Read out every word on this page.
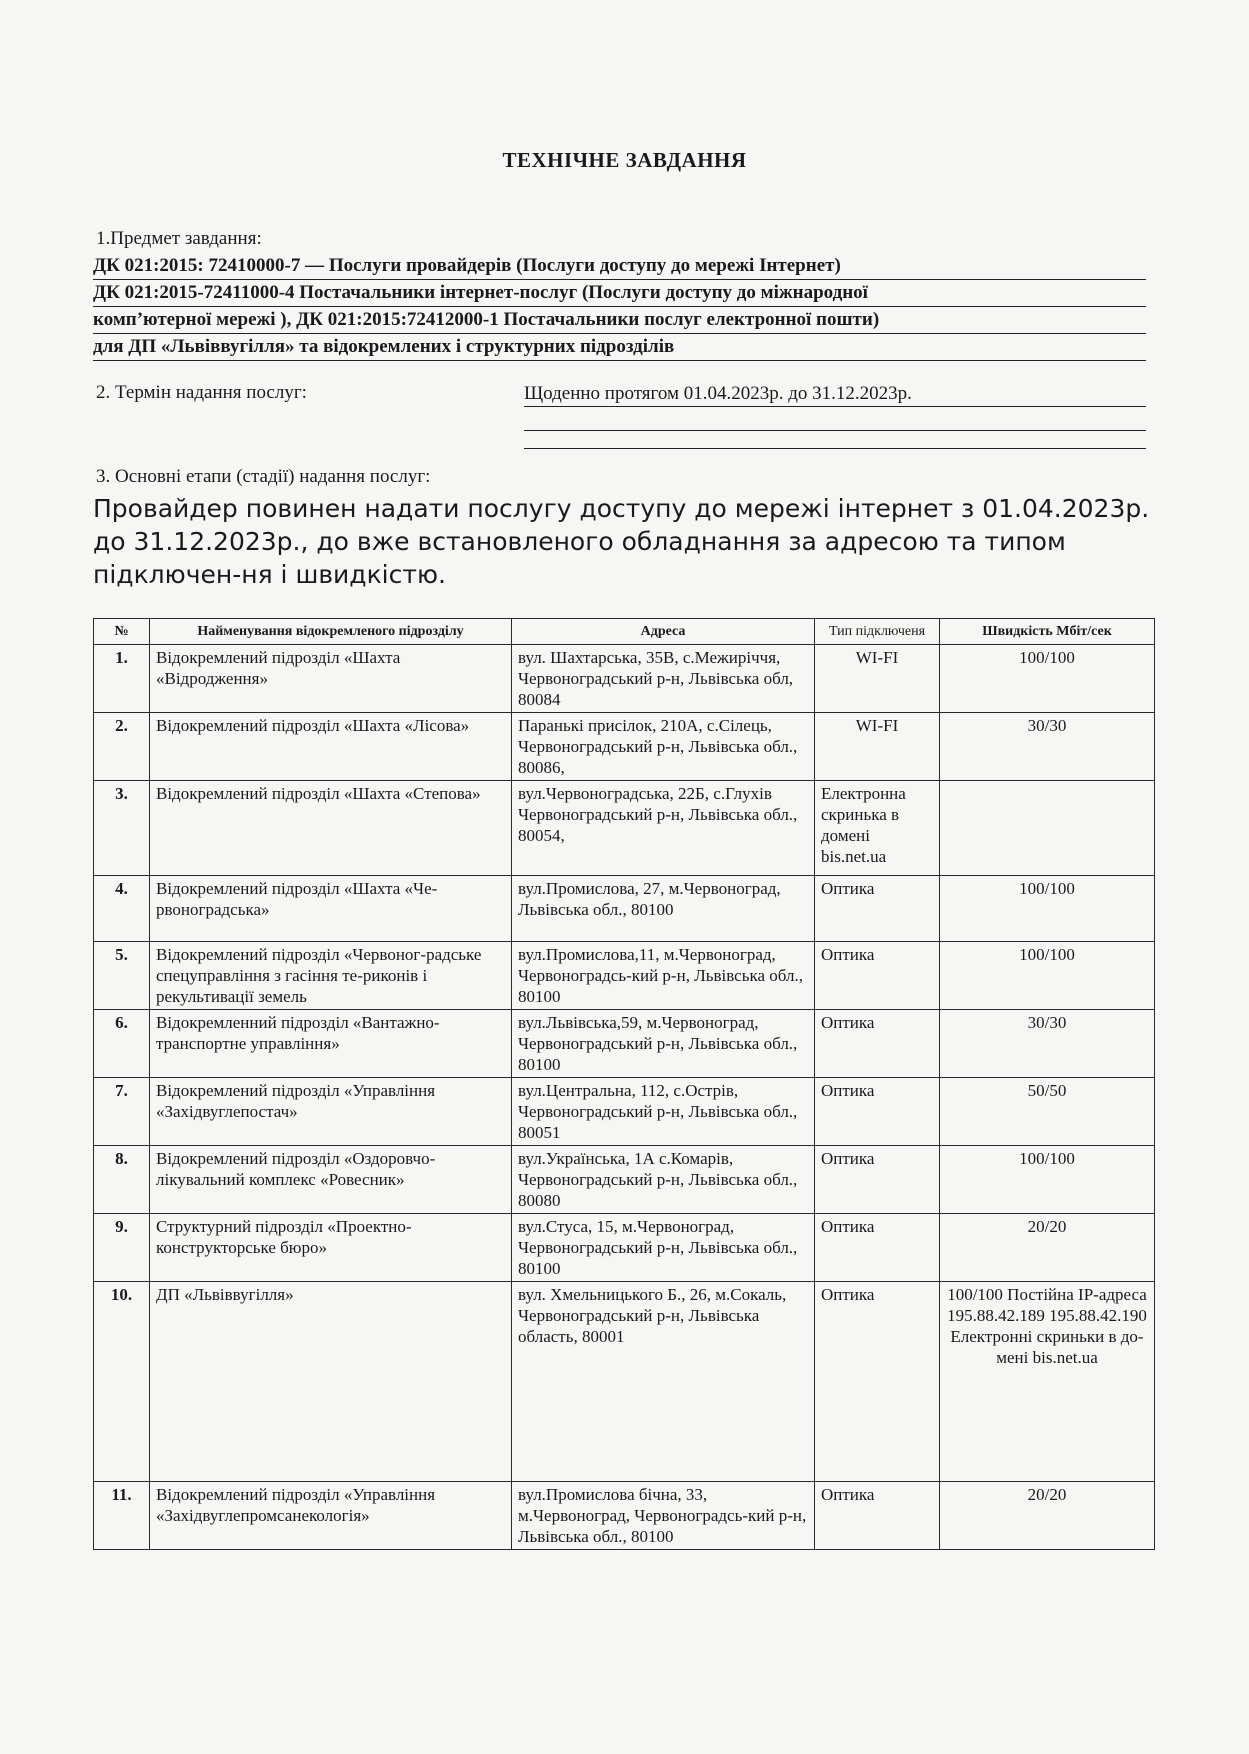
ТЕХНІЧНЕ ЗАВДАННЯ
1.Предмет завдання:
ДК 021:2015: 72410000-7 — Послуги провайдерів (Послуги доступу до мережі Інтернет)
ДК 021:2015-72411000-4 Постачальники інтернет-послуг (Послуги доступу до міжнародної
комп’ютерної мережі ), ДК 021:2015:72412000-1 Постачальники послуг електронної пошти)
для ДП «Львіввугілля» та відокремлених і структурних підрозділів
2. Термін надання послуг:	Щоденно протягом 01.04.2023р. до 31.12.2023р.
3. Основні етапи (стадії) надання послуг:
Провайдер повинен надати послугу доступу до мережі інтернет з 01.04.2023р. до 31.12.2023р., до вже встановленого обладнання за адресою та типом підключен-ня і швидкістю.
№	Найменування відокремленого підрозділу	Адреса	Тип підключеня	Швидкість Мбіт/сек
1.	Відокремлений підрозділ «Шахта «Відродження»	вул. Шахтарська, 35В, с.Межиріччя, Червоноградський р-н, Львівська обл, 80084	WI-FI	100/100
2.	Відокремлений підрозділ «Шахта «Лісова»	Паранькі присілок, 210А, с.Сілець, Червоноградський р-н, Львівська обл., 80086,	WI-FI	30/30
3.	Відокремлений підрозділ «Шахта «Степова»	вул.Червоноградська, 22Б, с.Глухів Червоноградський р-н, Львівська обл., 80054,	Електронна скринька в домені bis.net.ua	
4.	Відокремлений підрозділ «Шахта «Че-рвоноградська»	вул.Промислова, 27, м.Червоноград, Львівська обл., 80100	Оптика	100/100
5.	Відокремлений підрозділ «Червоног-радське спецуправління з гасіння те-риконів і рекультивації земель	вул.Промислова,11, м.Червоноград, Червоноградсь-кий р-н, Львівська обл., 80100	Оптика	100/100
6.	Відокремленний підрозділ «Вантажно-транспортне управління»	вул.Львівська,59, м.Червоноград, Червоноградський р-н, Львівська обл., 80100	Оптика	30/30
7.	Відокремлений підрозділ «Управління «Західвуглепостач»	вул.Центральна, 112, с.Острів, Червоноградський р-н, Львівська обл., 80051	Оптика	50/50
8.	Відокремлений підрозділ «Оздоровчо-лікувальний комплекс «Ровесник»	вул.Українська, 1А с.Комарів, Червоноградський р-н, Львівська обл., 80080	Оптика	100/100
9.	Структурний підрозділ «Проектно-конструкторське бюро»	вул.Стуса, 15, м.Червоноград, Червоноградський р-н, Львівська обл., 80100	Оптика	20/20
10.	ДП «Львіввугілля»	вул. Хмельницького Б., 26, м.Сокаль, Червоноградський р-н, Львівська область, 80001	Оптика	100/100 Постійна IP-адреса 195.88.42.189 195.88.42.190 Електронні скриньки в до-мені bis.net.ua
11.	Відокремлений підрозділ «Управління «Західвуглепромсанекологія»	вул.Промислова бічна, 33, м.Червоноград, Червоноградсь-кий р-н, Львівська обл., 80100	Оптика	20/20
